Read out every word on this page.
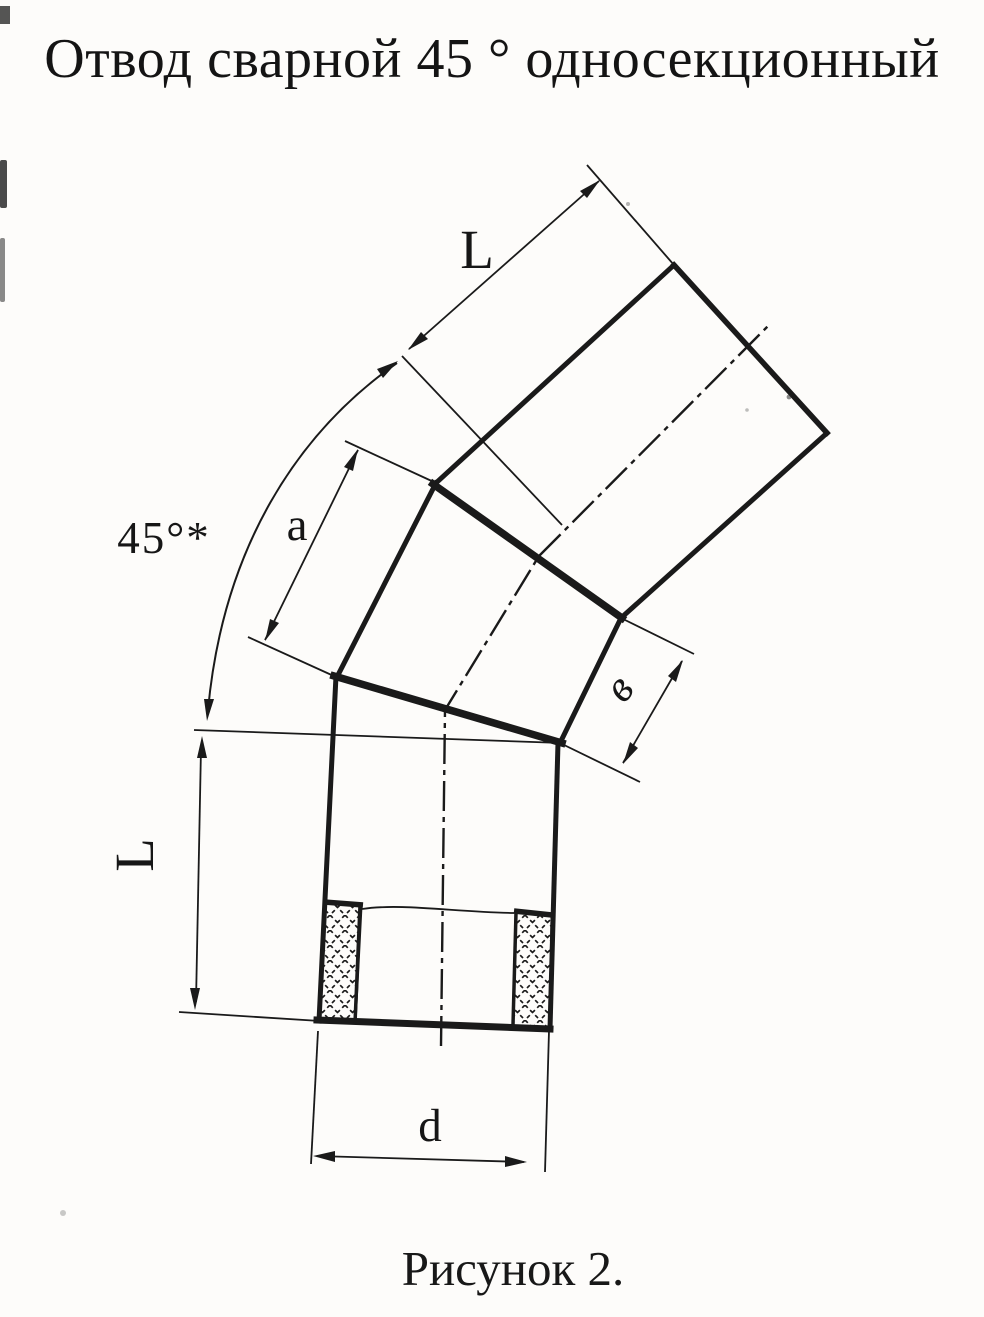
Отвод сварной 45 ° односекционный
L
a
45°*
L
в
d
Рисунок 2.
